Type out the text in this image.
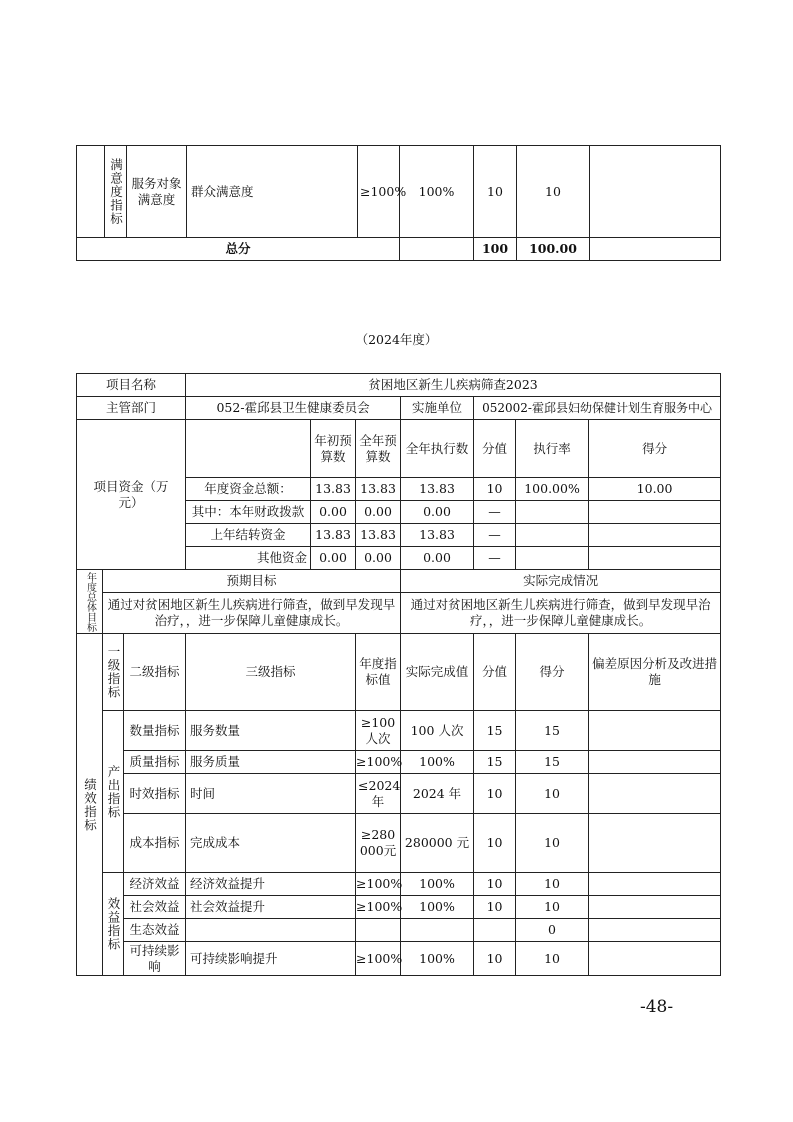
	满意度指标	服务对象满意度	群众满意度	≥100%	100%	10	10	
总分						100	100.00	
（2024年度）
项目名称			贫困地区新生儿疾病筛查2023						
主管部门			052-霍邱县卫生健康委员会			实施单位	052002-霍邱县妇幼保健计划生育服务中心		
项目资金（万元）				年初预算数	全年预算数	全年执行数	分值	执行率	得分
			年度资金总额：	13.83	13.83	13.83	10	100.00%	10.00
			其中：本年财政拨款	0.00	0.00	0.00	—		
			上年结转资金	13.83	13.83	13.83	—		
			其他资金	0.00	0.00	0.00	—		

年度总体目标	预期目标					实际完成情况			
	通过对贫困地区新生儿疾病进行筛查，做到早发现早治疗，，进一步保障儿童健康成长。					通过对贫困地区新生儿疾病进行筛查，做到早发现早治疗，，进一步保障儿童健康成长。			

绩效指标	一级指标	二级指标	三级指标		年度指标值	实际完成值	分值	得分	偏差原因分析及改进措施

	产出指标	数量指标	服务数量		≥100人次	100 人次	15	15	
		质量指标	服务质量		≥100%	100%	15	15	
		时效指标	时间		≤2024年	2024 年	10	10	
		成本指标	完成成本		≥280000元	280000 元	10	10	

	效益指标	经济效益	经济效益提升		≥100%	100%	10	10	
		社会效益	社会效益提升		≥100%	100%	10	10	
		生态效益						0	
		可持续影响	可持续影响提升		≥100%	100%	10	10	
-48-
